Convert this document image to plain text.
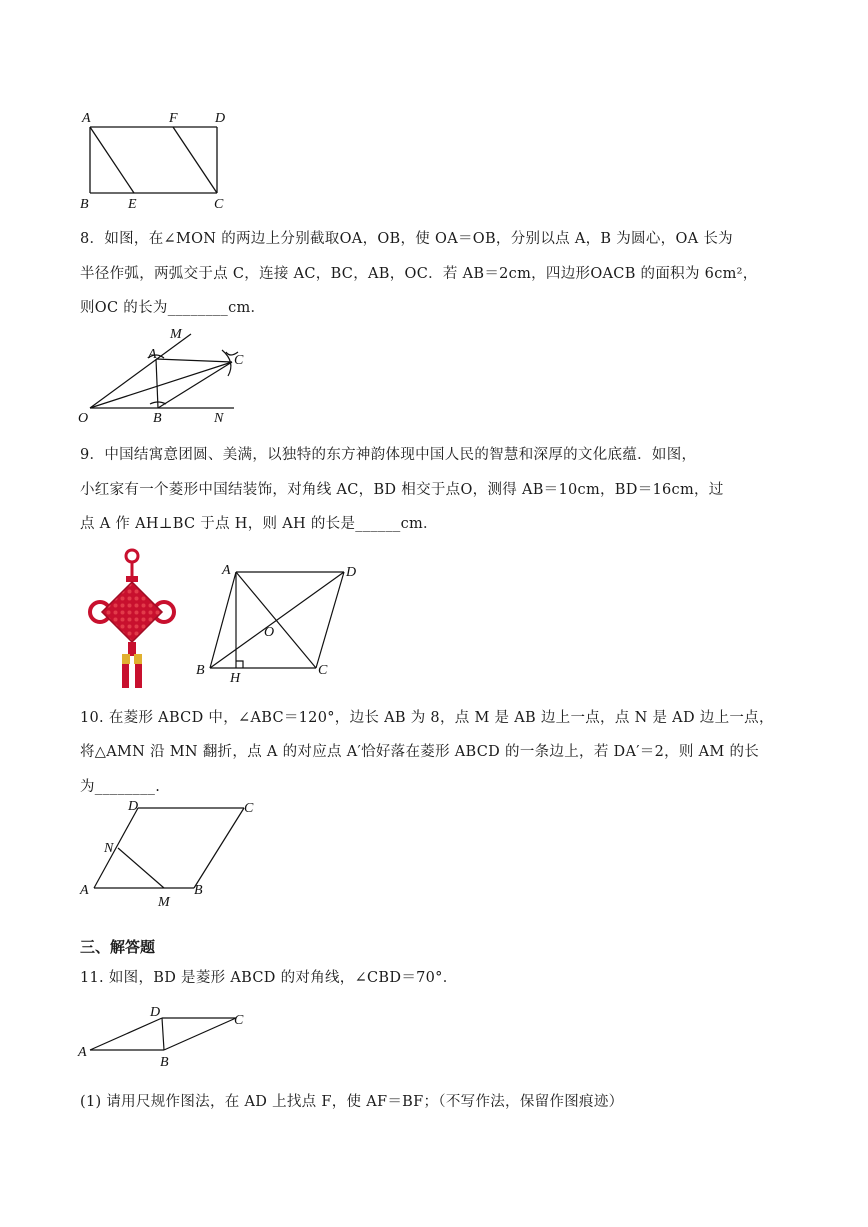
A	F	D
B	E	C
8．如图，在∠MON 的两边上分别截取OA，OB，使 OA＝OB，分别以点 A，B 为圆心，OA 长为
半径作弧，两弧交于点 C，连接 AC，BC，AB，OC．若 AB＝2cm，四边形OACB 的面积为 6cm²，
则OC 的长为________cm．
M
A	C
O	B	N
9．中国结寓意团圆、美满，以独特的东方神韵体现中国人民的智慧和深厚的文化底蕴．如图，
小红家有一个菱形中国结装饰，对角线 AC，BD 相交于点O，测得 AB＝10cm，BD＝16cm，过
点 A 作 AH⊥BC 于点 H，则 AH 的长是______cm．
A	D
O
B
H
C
10. 在菱形 ABCD 中，∠ABC＝120°，边长 AB 为 8，点 M 是 AB 边上一点，点 N 是 AD 边上一点，
将△AMN 沿 MN 翻折，点 A 的对应点 A′恰好落在菱形 ABCD 的一条边上，若 DA′＝2，则 AM 的长
为________.
D	C
N
A
M
B
三、解答题
11. 如图，BD 是菱形 ABCD 的对角线，∠CBD＝70°．
D
C
A
B
(1) 请用尺规作图法，在 AD 上找点 F，使 AF＝BF；（不写作法，保留作图痕迹）
